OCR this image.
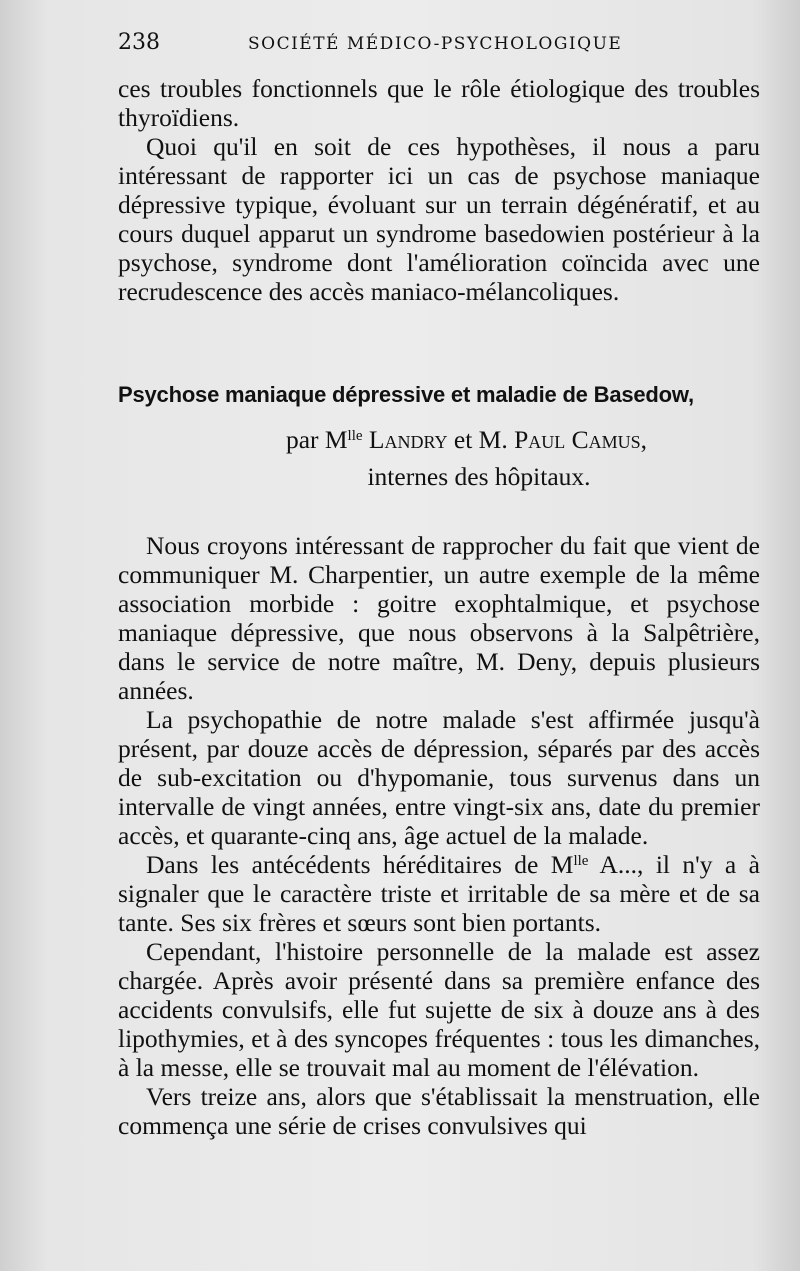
238	SOCIÉTÉ MÉDICO-PSYCHOLOGIQUE

ces troubles fonctionnels que le rôle étiologique des troubles thyroïdiens.

Quoi qu'il en soit de ces hypothèses, il nous a paru intéressant de rapporter ici un cas de psychose maniaque dépressive typique, évoluant sur un terrain dégénératif, et au cours duquel apparut un syndrome basedowien postérieur à la psychose, syndrome dont l'amélioration coïncida avec une recrudescence des accès maniaco-mélancoliques.

Psychose maniaque dépressive et maladie de Basedow,

par $M^{lle}$ Landry et M. Paul Camus,

internes des hôpitaux.

Nous croyons intéressant de rapprocher du fait que vient de communiquer M. Charpentier, un autre exemple de la même association morbide : goitre exophtalmique, et psychose maniaque dépressive, que nous observons à la Salpêtrière, dans le service de notre maître, M. Deny, depuis plusieurs années.

La psychopathie de notre malade s'est affirmée jusqu'à présent, par douze accès de dépression, séparés par des accès de sub-excitation ou d'hypomanie, tous survenus dans un intervalle de vingt années, entre vingt-six ans, date du premier accès, et quarante-cinq ans, âge actuel de la malade.

Dans les antécédents héréditaires de $M^{lle}$ A..., il n'y a à signaler que le caractère triste et irritable de sa mère et de sa tante. Ses six frères et sœurs sont bien portants.

Cependant, l'histoire personnelle de la malade est assez chargée. Après avoir présenté dans sa première enfance des accidents convulsifs, elle fut sujette de six à douze ans à des lipothymies, et à des syncopes fréquentes : tous les dimanches, à la messe, elle se trouvait mal au moment de l'élévation.

Vers treize ans, alors que s'établissait la menstruation, elle commença une série de crises convulsives qui
